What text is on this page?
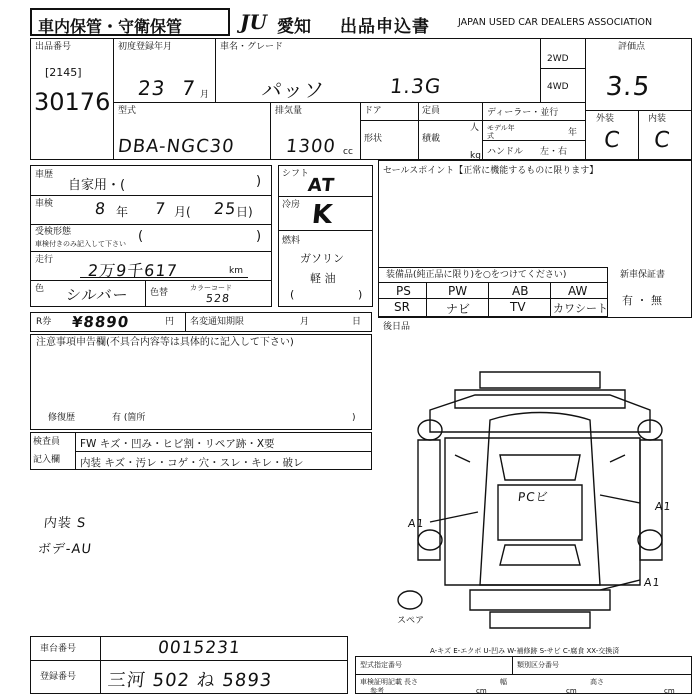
車内保管・守衛保管	JU 愛知 出品申込書	JAPAN USED CAR DEALERS ASSOCIATION
出品番号
[2145]
30176
初度登録年月
23 7 月
車名・グレード
パッソ	1.3G
2WD
4WD
評価点
3.5
外装	内装
C C
型式
DBA-NGC30
排気量
1300 cc
ドア	定員
人
ディーラー・並行
形状	積載
kg
モデル年式	年
ハンドル 左・右
車歴
自家用・(	)
車検	8 年 7 月( 25
日)
受検形態
車検付きのみ記入して下さい (	)
走行
2万9千617	km
色 シルバー 色替	カラーコード
528
シフト
AT
冷房 K
燃料
ガソリン
軽 油
(	)
セールスポイント【正常に機能するものに限ります】
装備品(純正品に限り)を○をつけてください)
PS	PW	AB	AW
SR	ナビ	TV カワシート
新車保証書
有 ・ 無
R券 ¥8890	円 名変通知期限	月	日 後日品
注意事項申告欄(不具合内容等は具体的に記入して下さい)
修復歴	有 (箇所	)
検査員
記入欄
FW キズ・凹み・ヒビ割・リペア跡・X要
内装 キズ・汚レ・コゲ・穴・スレ・キレ・破レ
内装 S
ボデ-AU
スペア
PCビ
A1
A1
A1
A-キズ E-エクボ U-凹み W-補修跡 S-サビ C-腐食 XX-交換済
車台番号	0015231
登録番号 三河 502 ね 5893
型式指定番号	類別区分番号
車検証明記載
参考
長さ
cm
幅
cm
高さ
cm
